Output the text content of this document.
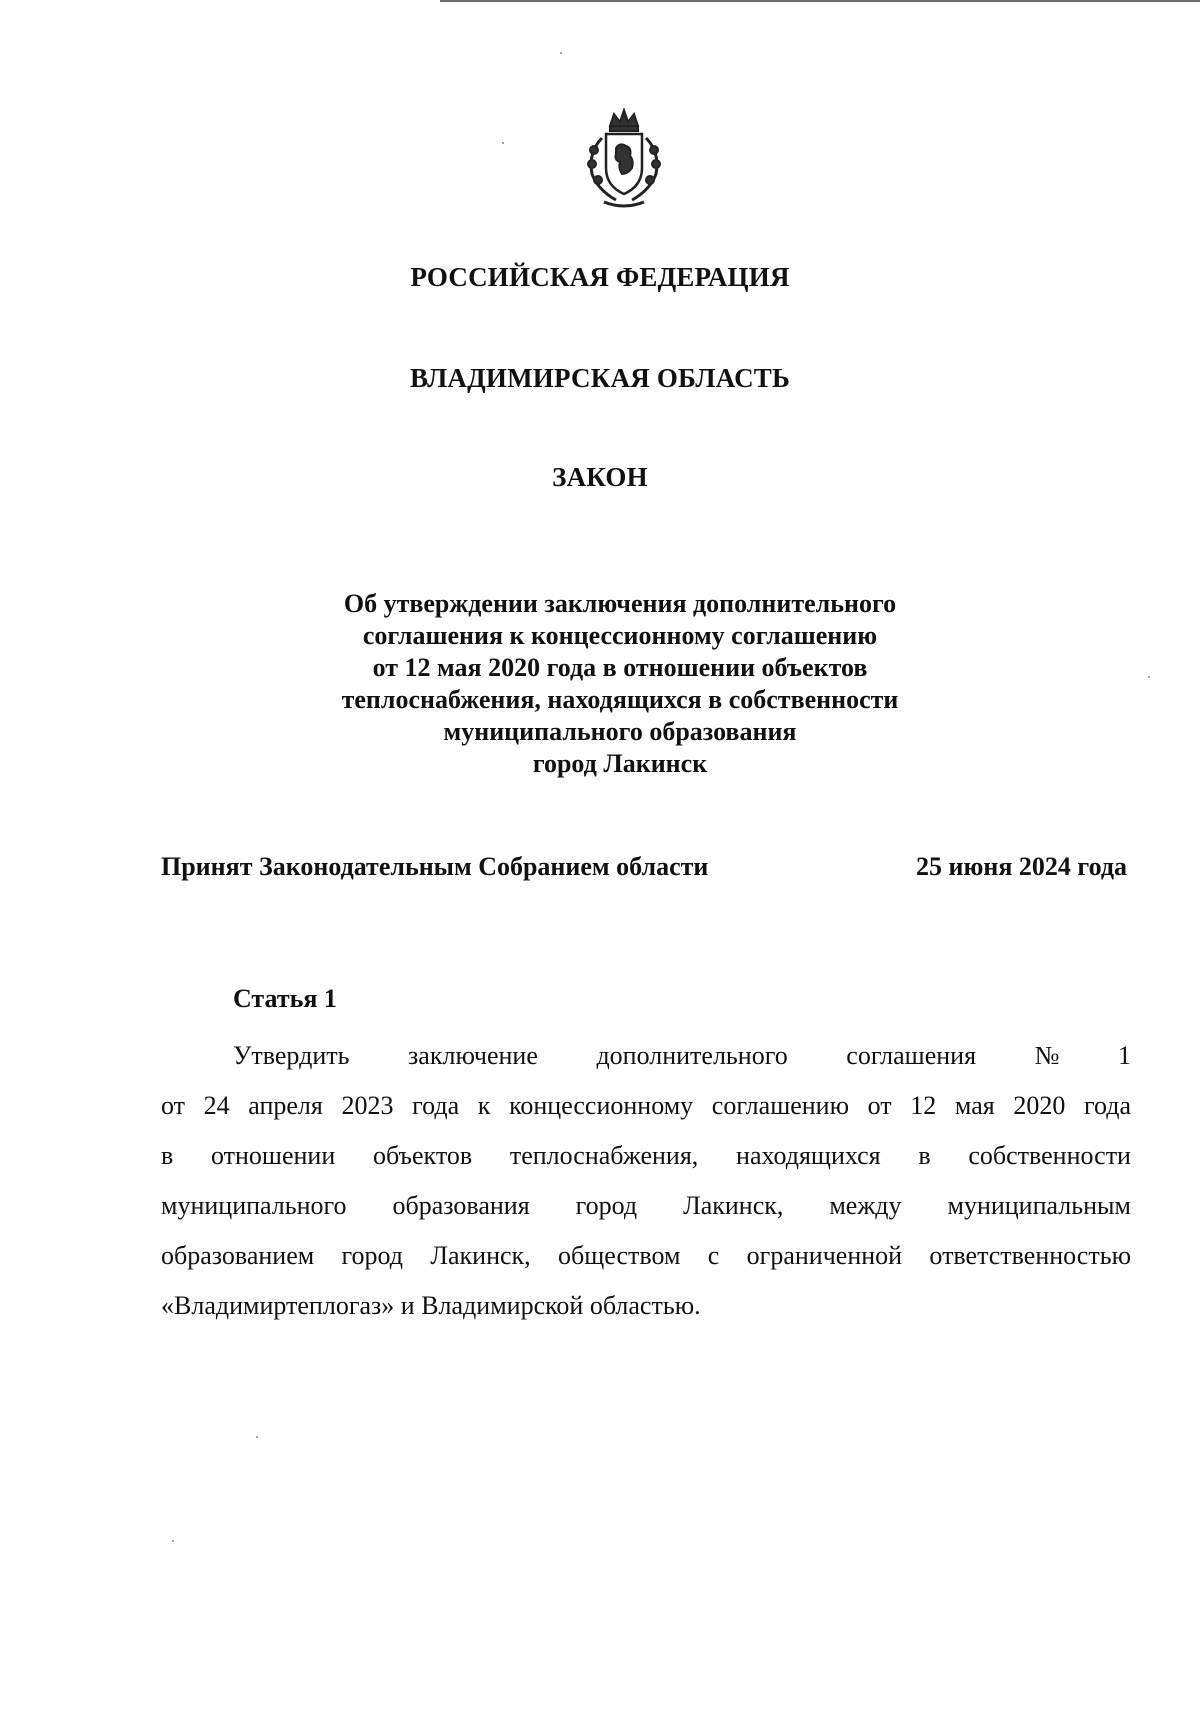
РОССИЙСКАЯ ФЕДЕРАЦИЯ
ВЛАДИМИРСКАЯ ОБЛАСТЬ
ЗАКОН
Об утверждении заключения дополнительного
соглашения к концессионному соглашению
от 12 мая 2020 года в отношении объектов
теплоснабжения, находящихся в собственности
муниципального образования
город Лакинск
Принят Законодательным Собранием области	25 июня 2024 года
Статья 1
Утвердить заключение дополнительного соглашения № 1
от 24 апреля 2023 года к концессионному соглашению от 12 мая 2020 года
в отношении объектов теплоснабжения, находящихся в собственности
муниципального образования город Лакинск, между муниципальным
образованием город Лакинск, обществом с ограниченной ответственностью
«Владимиртеплогаз» и Владимирской областью.
